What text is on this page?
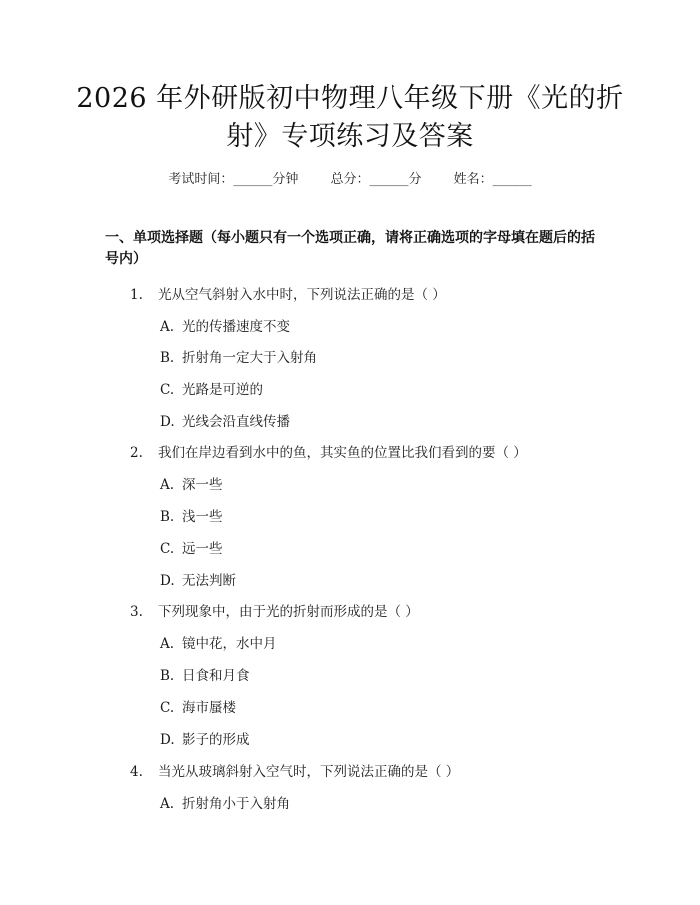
2026 年外研版初中物理八年级下册《光的折
射》专项练习及答案
考试时间：______分钟 总分：______分 姓名：______
一、单项选择题（每小题只有一个选项正确，请将正确选项的字母填在题后的括号内）
1. 光从空气斜射入水中时，下列说法正确的是（ ）
A. 光的传播速度不变
B. 折射角一定大于入射角
C. 光路是可逆的
D. 光线会沿直线传播
2. 我们在岸边看到水中的鱼，其实鱼的位置比我们看到的要（ ）
A. 深一些
B. 浅一些
C. 远一些
D. 无法判断
3. 下列现象中，由于光的折射而形成的是（ ）
A. 镜中花，水中月
B. 日食和月食
C. 海市蜃楼
D. 影子的形成
4. 当光从玻璃斜射入空气时，下列说法正确的是（ ）
A. 折射角小于入射角
